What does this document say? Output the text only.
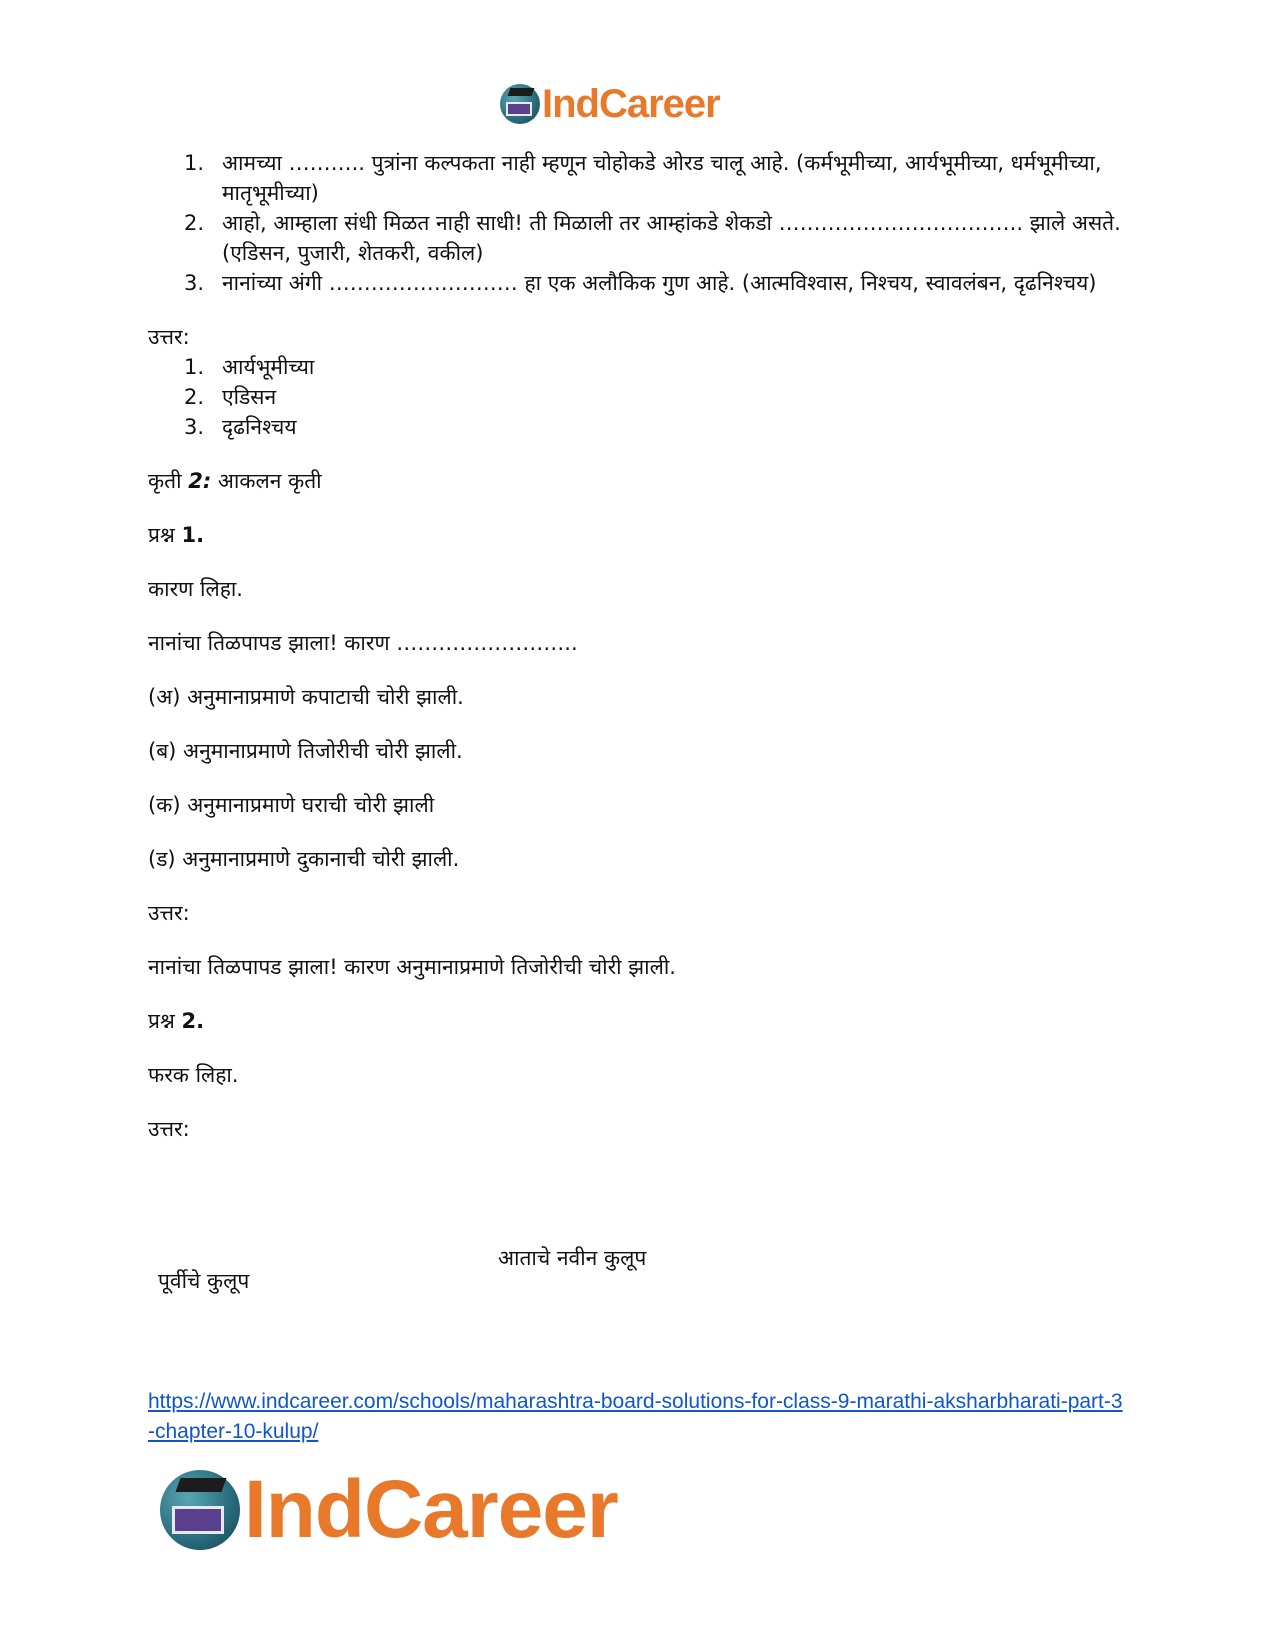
IndCareer
1. आमच्या ……….. पुत्रांना कल्पकता नाही म्हणून चोहोकडे ओरड चालू आहे. (कर्मभूमीच्या, आर्यभूमीच्या, धर्मभूमीच्या, मातृभूमीच्या)
2. आहो, आम्हाला संधी मिळत नाही साधी! ती मिळाली तर आम्हांकडे शेकडो …………………………….. झाले असते. (एडिसन, पुजारी, शेतकरी, वकील)
3. नानांच्या अंगी ……………………… हा एक अलौकिक गुण आहे. (आत्मविश्वास, निश्चय, स्वावलंबन, दृढनिश्चय)

उत्तर:

1. आर्यभूमीच्या
2. एडिसन
3. दृढनिश्चय

कृती 2: आकलन कृती

प्रश्न 1.

कारण लिहा.

नानांचा तिळपापड झाला! कारण ……………………..

(अ) अनुमानाप्रमाणे कपाटाची चोरी झाली.

(ब) अनुमानाप्रमाणे तिजोरीची चोरी झाली.

(क) अनुमानाप्रमाणे घराची चोरी झाली

(ड) अनुमानाप्रमाणे दुकानाची चोरी झाली.

उत्तर:

नानांचा तिळपापड झाला! कारण अनुमानाप्रमाणे तिजोरीची चोरी झाली.

प्रश्न 2.

फरक लिहा.

उत्तर:

पूर्वीचे कुलूप
आताचे नवीन कुलूप
https://www.indcareer.com/schools/maharashtra-board-solutions-for-class-9-marathi-aksharbharati-part-3-chapter-10-kulup/
IndCareer
